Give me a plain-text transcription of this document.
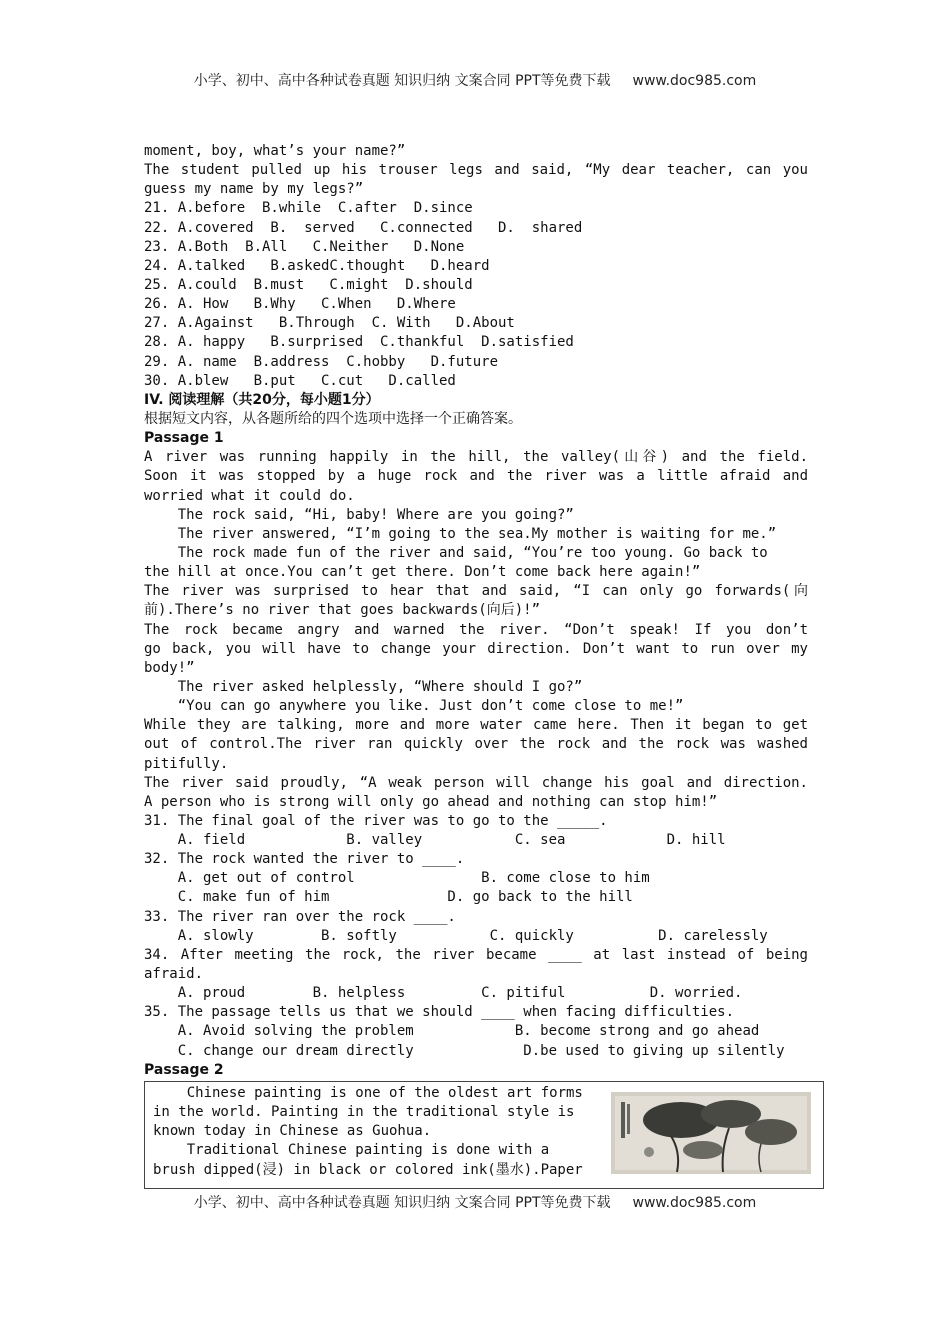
小学、初中、高中各种试卷真题 知识归纳 文案合同 PPT等免费下载 www.doc985.com
moment, boy, what’s your name?”
The student pulled up his trouser legs and said, “My dear teacher, can you
guess my name by my legs?”
21. A.before  B.while  C.after  D.since
22. A.covered  B.  served   C.connected   D.  shared
23. A.Both  B.All   C.Neither   D.None
24. A.talked   B.askedC.thought   D.heard
25. A.could  B.must   C.might  D.should
26. A. How   B.Why   C.When   D.Where
27. A.Against   B.Through  C. With   D.About
28. A. happy   B.surprised  C.thankful  D.satisfied
29. A. name  B.address  C.hobby   D.future
30. A.blew   B.put   C.cut   D.called
IV. 阅读理解（共20分，每小题1分）
根据短文内容，从各题所给的四个选项中选择一个正确答案。
Passage 1
A river was running happily in the hill, the valley(山谷) and the field.
Soon it was stopped by a huge rock and the river was a little afraid and
worried what it could do.
The rock said, “Hi, baby! Where are you going?”
The river answered, “I’m going to the sea.My mother is waiting for me.”
The rock made fun of the river and said, “You’re too young. Go back to
the hill at once.You can’t get there. Don’t come back here again!”
The river was surprised to hear that and said, “I can only go forwards(向
前).There’s no river that goes backwards(向后)!”
The rock became angry and warned the river. “Don’t speak! If you don’t
go back, you will have to change your direction. Don’t want to run over my
body!”
The river asked helplessly, “Where should I go?”
“You can go anywhere you like. Just don’t come close to me!”
While they are talking, more and more water came here. Then it began to get
out of control.The river ran quickly over the rock and the rock was washed
pitifully.
The river said proudly, “A weak person will change his goal and direction.
A person who is strong will only go ahead and nothing can stop him!”
31. The final goal of the river was to go to the _____.
A. field            B. valley           C. sea            D. hill
32. The rock wanted the river to ____.
A. get out of control               B. come close to him
C. make fun of him              D. go back to the hill
33. The river ran over the rock ____.
A. slowly        B. softly           C. quickly          D. carelessly
34. After meeting the rock, the river became ____ at last instead of being
afraid.
A. proud        B. helpless         C. pitiful          D. worried.
35. The passage tells us that we should ____ when facing difficulties.
A. Avoid solving the problem            B. become strong and go ahead
C. change our dream directly             D.be used to giving up silently
Passage 2
Chinese painting is one of the oldest art forms
in the world. Painting in the traditional style is
known today in Chinese as Guohua.
Traditional Chinese painting is done with a
brush dipped(浸) in black or colored ink(墨水).Paper
小学、初中、高中各种试卷真题 知识归纳 文案合同 PPT等免费下载 www.doc985.com
